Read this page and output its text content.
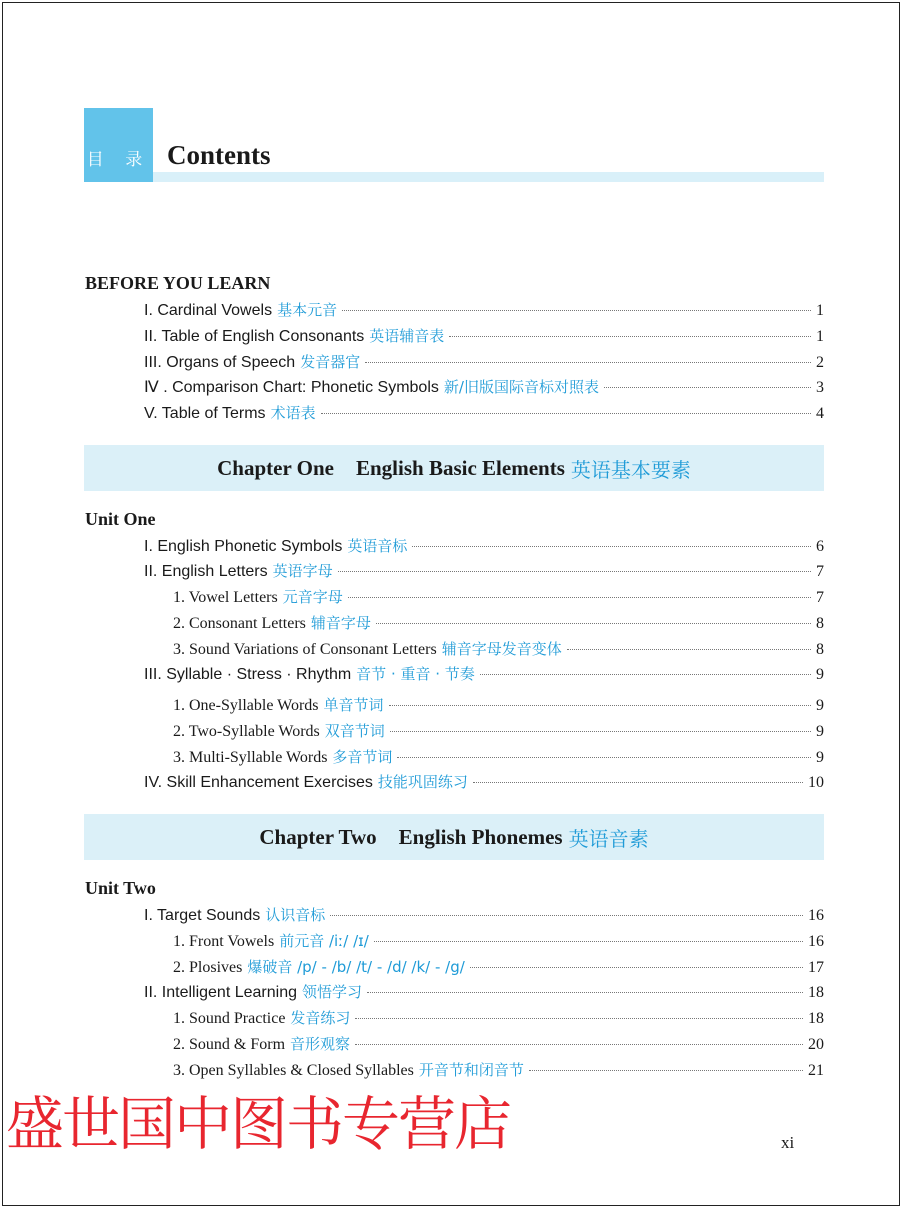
目 录 Contents
BEFORE YOU LEARN
I. Cardinal Vowels 基本元音	1
II. Table of English Consonants 英语辅音表	1
III. Organs of Speech 发音器官	2
Ⅳ . Comparison Chart: Phonetic Symbols 新/旧版国际音标对照表	3
V. Table of Terms 术语表	4
Chapter One English Basic Elements 英语基本要素
Unit One
I. English Phonetic Symbols 英语音标	6
II. English Letters 英语字母	7
1. Vowel Letters 元音字母	7
2. Consonant Letters 辅音字母	8
3. Sound Variations of Consonant Letters 辅音字母发音变体	8
III. Syllable · Stress · Rhythm 音节 · 重音 · 节奏	9
1. One-Syllable Words 单音节词	9
2. Two-Syllable Words 双音节词	9
3. Multi-Syllable Words 多音节词	9
IV. Skill Enhancement Exercises 技能巩固练习	10
Chapter Two English Phonemes 英语音素
Unit Two
I. Target Sounds 认识音标	16
1. Front Vowels 前元音 /iː/ /ɪ/	16
2. Plosives 爆破音 /p/ - /b/ /t/ - /d/ /k/ - /g/	17
II. Intelligent Learning 领悟学习	18
1. Sound Practice 发音练习	18
2. Sound & Form 音形观察	20
3. Open Syllables & Closed Syllables 开音节和闭音节	21
xi
盛世国中图书专营店
